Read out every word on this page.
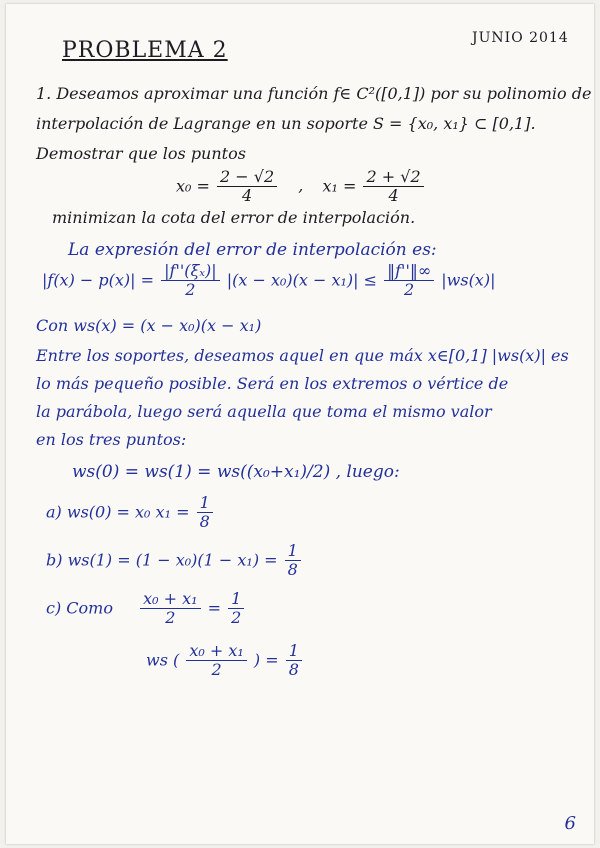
PROBLEMA 2	JUNIO 2014
1. Deseamos aproximar una función f∈ C²([0,1]) por su polinomio de
interpolación de Lagrange en un soporte S = {x₀, x₁} ⊂ [0,1].
Demostrar que los puntos
$x_0 = \frac{2 - √2}{4}$ , $x_1 = \frac{2 + √2}{4}$
minimizan la cota del error de interpolación.
La expresión del error de interpolación es:
$|f(x) - p(x)| = \frac{\text{|f''(ξₓ)|}}{2} |(x - x_0)(x - x_1)| \le \frac{‖f''‖\infty}{2} |ws(x)|$
Con ws(x) = (x − x₀)(x − x₁)
Entre los soportes, deseamos aquel en que máx x∈[0,1] |ws(x)| es
lo más pequeño posible. Será en los extremos o vértice de
la parábola, luego será aquella que toma el mismo valor
en los tres puntos:
ws(0) = ws(1) = ws((x₀+x₁)/2) , luego:
a) ws(0) = x₀ $x_1 = \frac{1}{8}$
b) $ws(1) = (1 - x_0)(1 - x_1) = \frac{1}{8}$
c) Como $\frac{\text{x₀ + x₁}}{2} = \frac{1}{2}$
ws ( $\frac{\text{x₀ + x₁}}{2}$ ) = $\frac{1}{8}$
6
